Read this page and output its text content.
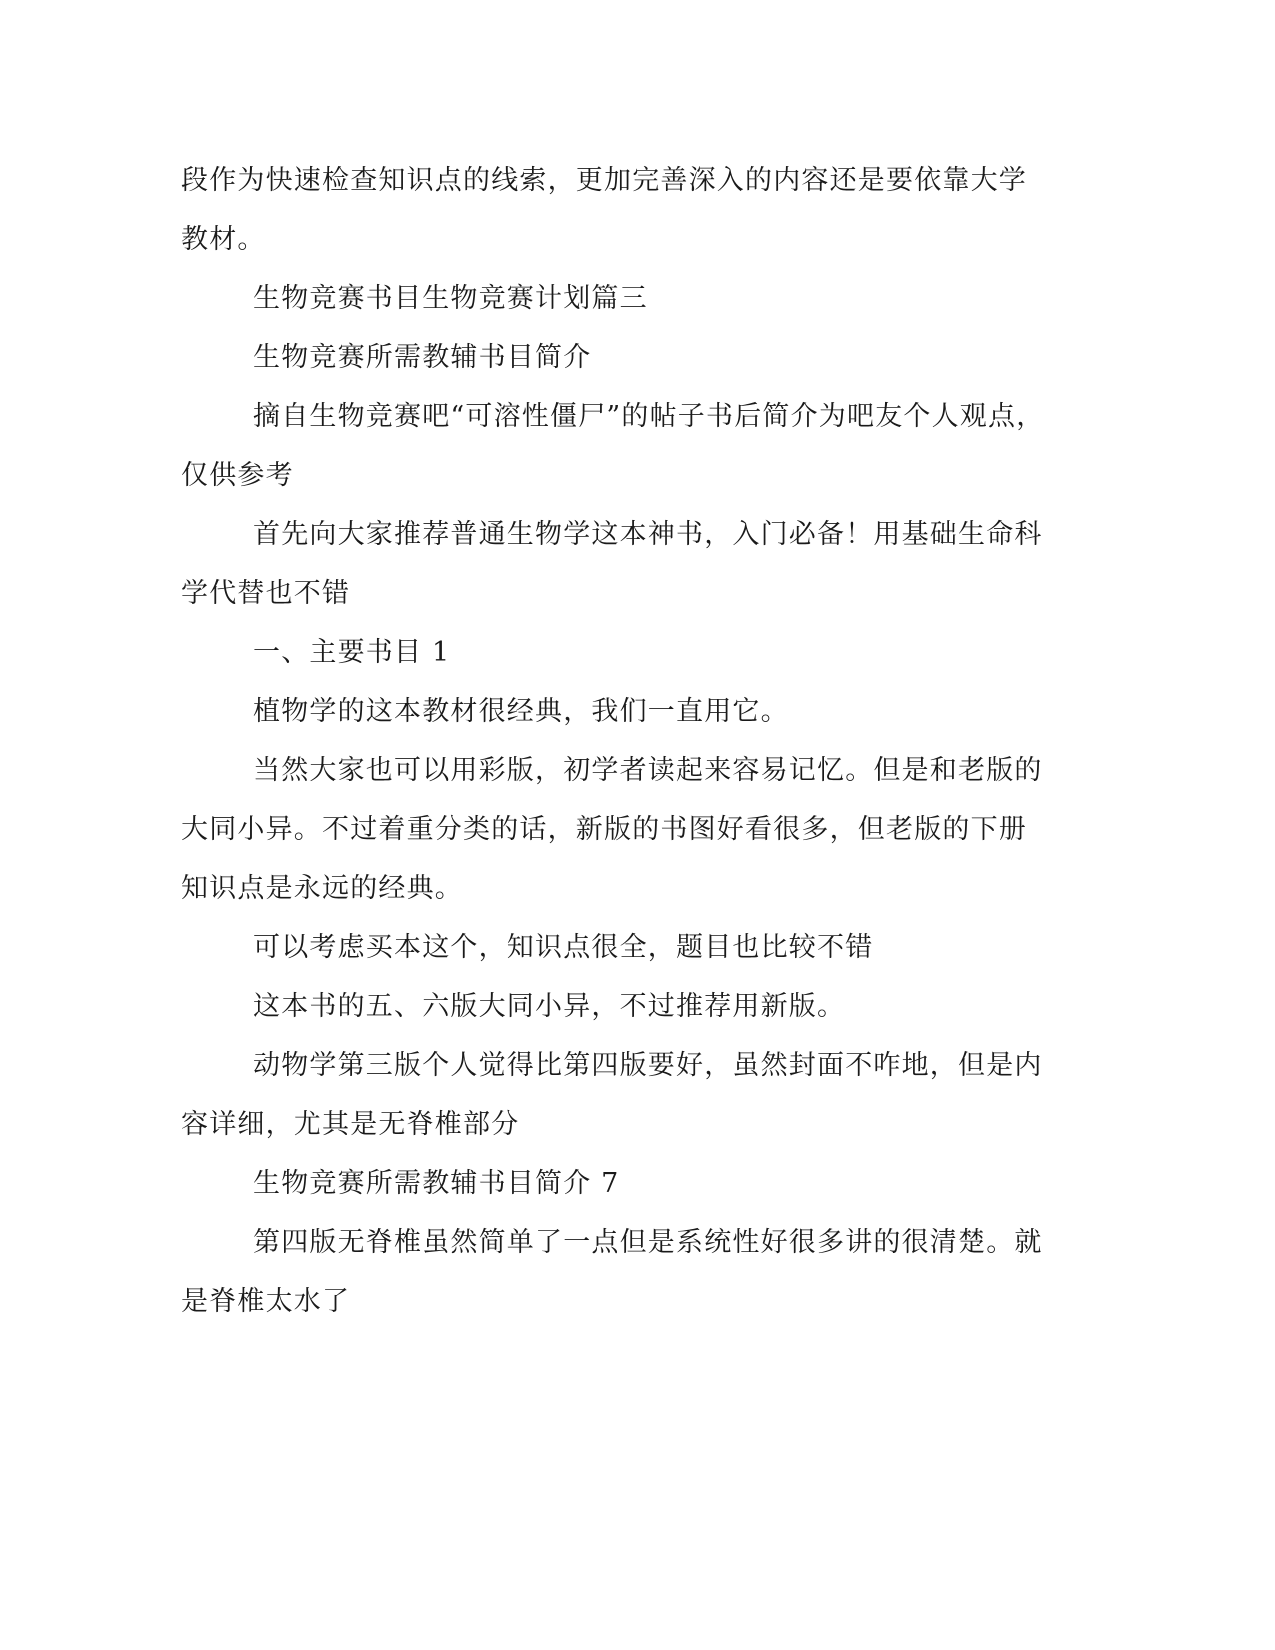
段作为快速检查知识点的线索，更加完善深入的内容还是要依靠大学
教材。
生物竞赛书目生物竞赛计划篇三
生物竞赛所需教辅书目简介
摘自生物竞赛吧“可溶性僵尸”的帖子书后简介为吧友个人观点，
仅供参考
首先向大家推荐普通生物学这本神书，入门必备！用基础生命科
学代替也不错
一、主要书目 1
植物学的这本教材很经典，我们一直用它。
当然大家也可以用彩版，初学者读起来容易记忆。但是和老版的
大同小异。不过着重分类的话，新版的书图好看很多，但老版的下册
知识点是永远的经典。
可以考虑买本这个，知识点很全，题目也比较不错
这本书的五、六版大同小异，不过推荐用新版。
动物学第三版个人觉得比第四版要好，虽然封面不咋地，但是内
容详细，尤其是无脊椎部分
生物竞赛所需教辅书目简介 7
第四版无脊椎虽然简单了一点但是系统性好很多讲的很清楚。就
是脊椎太水了
